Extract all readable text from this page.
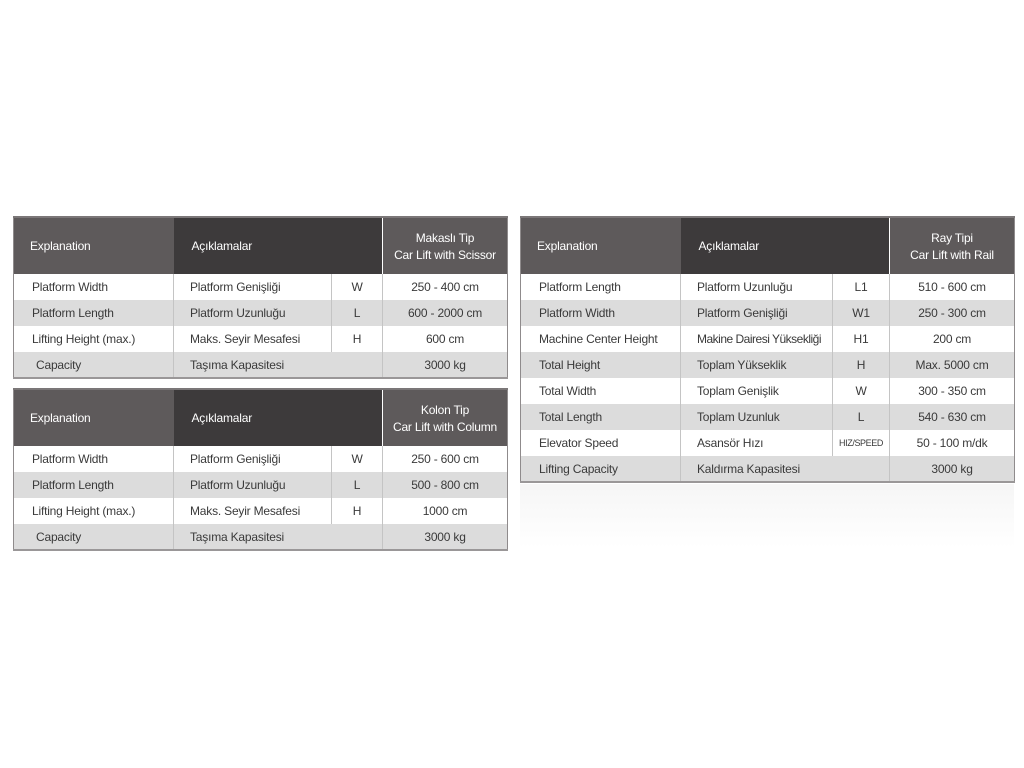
Explanation	Açıklamalar		Makaslı Tip
Car Lift with Scissor

Platform Width	Platform Genişliği	W	250 - 400 cm
Platform Length	Platform Uzunluğu	L	600 - 2000 cm
Lifting Height (max.)	Maks. Seyir Mesafesi	H	600 cm
Capacity	Taşıma Kapasitesi		3000 kg
Explanation	Açıklamalar		Kolon Tip
Car Lift with Column

Platform Width	Platform Genişliği	W	250 - 600 cm
Platform Length	Platform Uzunluğu	L	500 - 800 cm
Lifting Height (max.)	Maks. Seyir Mesafesi	H	1000 cm
Capacity	Taşıma Kapasitesi		3000 kg
Explanation	Açıklamalar		Ray Tipi
Car Lift with Rail

Platform Length	Platform Uzunluğu	L1	510 - 600 cm
Platform Width	Platform Genişliği	W1	250 - 300 cm
Machine Center Height	Makine Dairesi Yüksekliği	H1	200 cm
Total Height	Toplam Yükseklik	H	Max. 5000 cm
Total Width	Toplam Genişlik	W	300 - 350 cm
Total Length	Toplam Uzunluk	L	540 - 630 cm
Elevator Speed	Asansör Hızı	HIZ/SPEED	50 - 100 m/dk
Lifting Capacity	Kaldırma Kapasitesi		3000 kg
